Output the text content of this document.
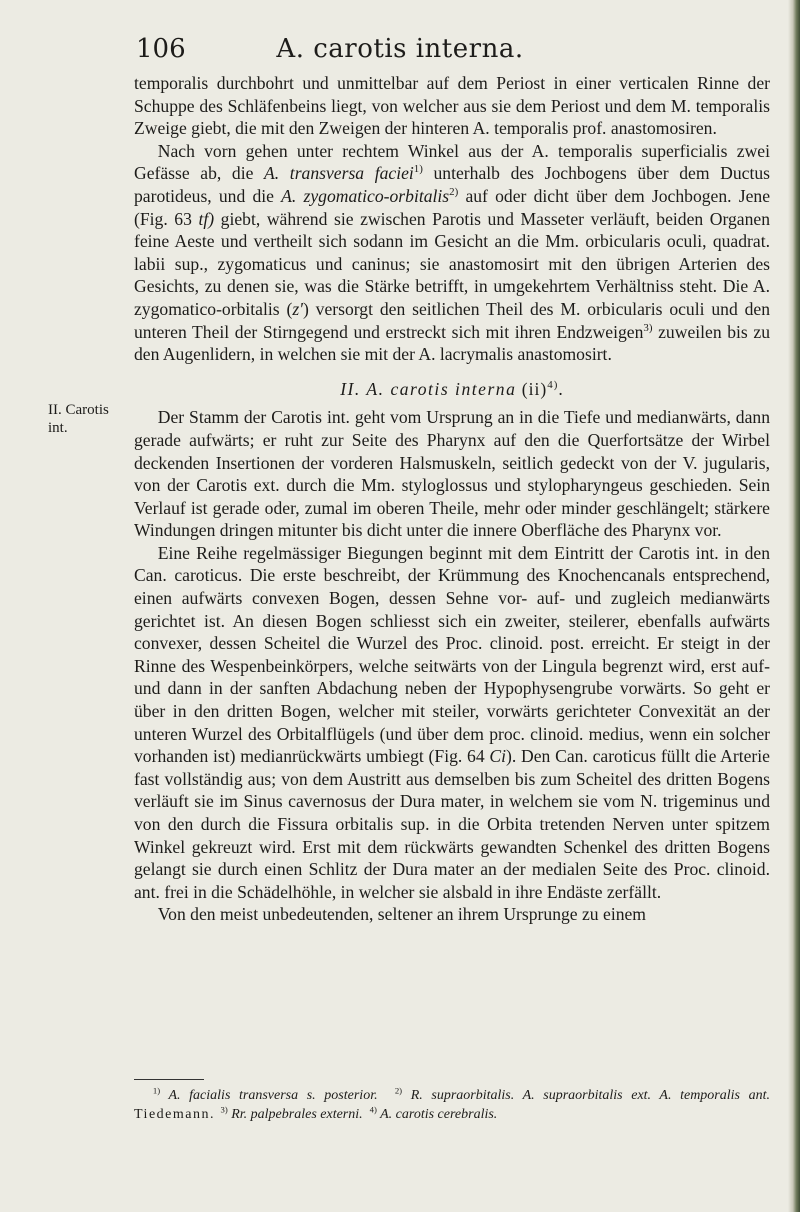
106	A. carotis interna.
II. Carotis
int.

temporalis durchbohrt und unmittelbar auf dem Periost in einer verticalen Rinne der Schuppe des Schläfenbeins liegt, von welcher aus sie dem Periost und dem M. temporalis Zweige giebt, die mit den Zweigen der hinteren A. temporalis prof. anastomosiren.

Nach vorn gehen unter rechtem Winkel aus der A. temporalis superficialis zwei Gefässe ab, die A. transversa faciei$^{1)}$ unterhalb des Jochbogens über dem Ductus parotideus, und die A. zygomatico-orbitalis$^{2)}$ auf oder dicht über dem Jochbogen. Jene (Fig. 63 tf) giebt, während sie zwischen Parotis und Masseter verläuft, beiden Organen feine Aeste und vertheilt sich sodann im Gesicht an die Mm. orbicularis oculi, quadrat. labii sup., zygomaticus und caninus; sie anastomosirt mit den übrigen Arterien des Gesichts, zu denen sie, was die Stärke betrifft, in umgekehrtem Verhältniss steht. Die A. zygomatico-orbitalis (z') versorgt den seitlichen Theil des M. orbicularis oculi und den unteren Theil der Stirngegend und erstreckt sich mit ihren Endzweigen$^{3)}$ zuweilen bis zu den Augenlidern, in welchen sie mit der A. lacrymalis anastomosirt.

II. A. carotis interna (ii)$^{4)}$.

Der Stamm der Carotis int. geht vom Ursprung an in die Tiefe und medianwärts, dann gerade aufwärts; er ruht zur Seite des Pharynx auf den die Querfortsätze der Wirbel deckenden Insertionen der vorderen Halsmuskeln, seitlich gedeckt von der V. jugularis, von der Carotis ext. durch die Mm. styloglossus und stylopharyngeus geschieden. Sein Verlauf ist gerade oder, zumal im oberen Theile, mehr oder minder geschlängelt; stärkere Windungen dringen mitunter bis dicht unter die innere Oberfläche des Pharynx vor.

Eine Reihe regelmässiger Biegungen beginnt mit dem Eintritt der Carotis int. in den Can. caroticus. Die erste beschreibt, der Krümmung des Knochencanals entsprechend, einen aufwärts convexen Bogen, dessen Sehne vor- auf- und zugleich medianwärts gerichtet ist. An diesen Bogen schliesst sich ein zweiter, steilerer, ebenfalls aufwärts convexer, dessen Scheitel die Wurzel des Proc. clinoid. post. erreicht. Er steigt in der Rinne des Wespenbeinkörpers, welche seitwärts von der Lingula begrenzt wird, erst auf- und dann in der sanften Abdachung neben der Hypophysengrube vorwärts. So geht er über in den dritten Bogen, welcher mit steiler, vorwärts gerichteter Convexität an der unteren Wurzel des Orbitalflügels (und über dem proc. clinoid. medius, wenn ein solcher vorhanden ist) medianrückwärts umbiegt (Fig. 64 Ci). Den Can. caroticus füllt die Arterie fast vollständig aus; von dem Austritt aus demselben bis zum Scheitel des dritten Bogens verläuft sie im Sinus cavernosus der Dura mater, in welchem sie vom N. trigeminus und von den durch die Fissura orbitalis sup. in die Orbita tretenden Nerven unter spitzem Winkel gekreuzt wird. Erst mit dem rückwärts gewandten Schenkel des dritten Bogens gelangt sie durch einen Schlitz der Dura mater an der medialen Seite des Proc. clinoid. ant. frei in die Schädelhöhle, in welcher sie alsbald in ihre Endäste zerfällt.

Von den meist unbedeutenden, seltener an ihrem Ursprunge zu einem

$^{1)}$ A. facialis transversa s. posterior. $^{2)}$ R. supraorbitalis. A. supraorbitalis ext. A. temporalis ant. Tiedemann. $^{3)}$ Rr. palpebrales externi. $^{4)}$ A. carotis cerebralis.
